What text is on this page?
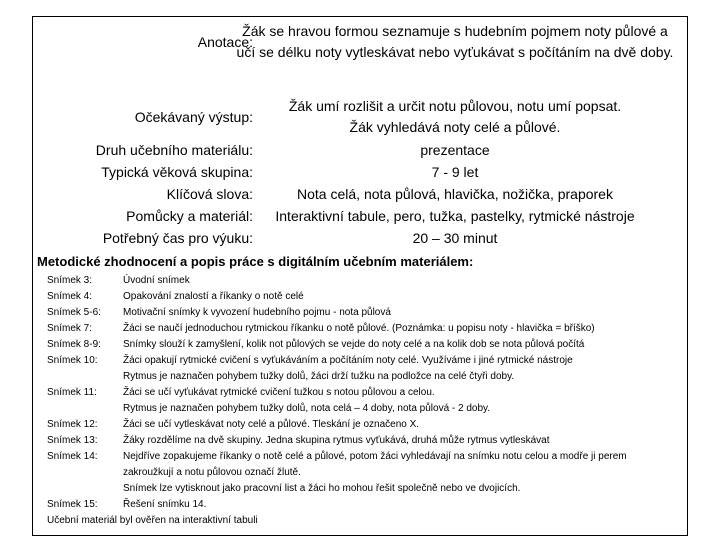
Anotace:
Žák se hravou formou seznamuje s hudebním pojmem noty půlové a
učí se délku noty vytleskávat nebo vyťukávat s počítáním na dvě doby.
Očekávaný výstup:
Žák umí rozlišit a určit notu půlovou, notu umí popsat.
Žák vyhledává noty celé a půlové.
Druh učebního materiálu:	prezentace
Typická věková skupina:	7 - 9 let
Klíčová slova:	Nota celá, nota půlová, hlavička, nožička, praporek
Pomůcky a materiál:	Interaktivní tabule, pero, tužka, pastelky, rytmické nástroje
Potřebný čas pro výuku:	20 – 30 minut
Metodické zhodnocení a popis práce s digitálním učebním materiálem:
Snímek 3:	Úvodní snímek
Snímek 4:	Opakování znalostí a říkanky o notě celé
Snímek 5-6: Motivační snímky k vyvození hudebního pojmu - nota půlová
Snímek 7:	Žáci se naučí jednoduchou rytmickou říkanku o notě půlové. (Poznámka: u popisu noty - hlavička = bříško)
Snímek 8-9: Snímky slouží k zamyšlení, kolik not půlových se vejde do noty celé a na kolik dob se nota půlová počítá
Snímek 10:	Žáci opakují rytmické cvičení s vyťukáváním a počítáním noty celé. Využíváme i jiné rytmické nástroje
Rytmus je naznačen pohybem tužky dolů, žáci drží tužku na podložce na celé čtyři doby.
Snímek 11:	Žáci se učí vyťukávat rytmické cvičení tužkou s notou půlovou a celou.
Rytmus je naznačen pohybem tužky dolů, nota celá – 4 doby, nota půlová - 2 doby.
Snímek 12:	Žáci se učí vytleskávat noty celé a půlové. Tleskání je označeno X.
Snímek 13:	Žáky rozdělíme na dvě skupiny. Jedna skupina rytmus vyťukává, druhá může rytmus vytleskávat
Snímek 14:	Nejdříve zopakujeme říkanky o notě celé a půlové, potom žáci vyhledávají na snímku notu celou a modře ji perem
zakroužkují a notu půlovou označí žlutě.
Snímek lze vytisknout jako pracovní list a žáci ho mohou řešit společně nebo ve dvojicích.
Snímek 15:	Řešení snímku 14.
Učební materiál byl ověřen na interaktivní tabuli
